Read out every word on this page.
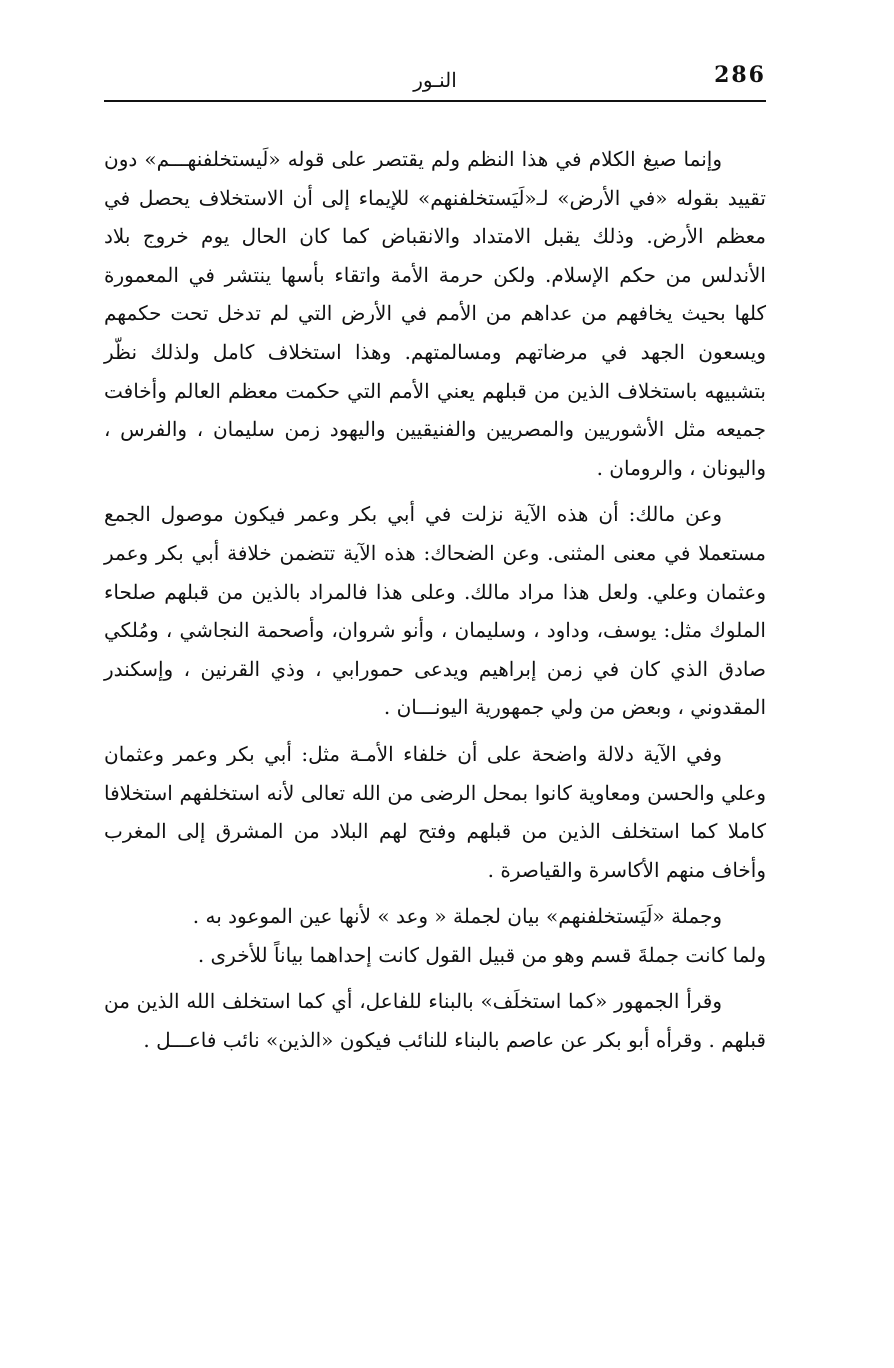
286
النـور

وإنما صيغ الكلام في هذا النظم ولم يقتصر على قوله «لَيستخلفنهـــم» دون تقييد بقوله «في الأرض» لـ«لَيَستخلفنهم» للإيماء إلى أن الاستخلاف يحصل في معظم الأرض. وذلك يقبل الامتداد والانقباض كما كان الحال يوم خروج بلاد الأندلس من حكم الإسلام. ولكن حرمة الأمة واتقاء بأسها ينتشر في المعمورة كلها بحيث يخافهم من عداهم من الأمم في الأرض التي لم تدخل تحت حكمهم ويسعون الجهد في مرضاتهم ومسالمتهم. وهذا استخلاف كامل ولذلك نظّر بتشبيهه باستخلاف الذين من قبلهم يعني الأمم التي حكمت معظم العالم وأخافت جميعه مثل الأشوريين والمصريين والفنيقيين واليهود زمن سليمان ، والفرس ، واليونان ، والرومان .

وعن مالك: أن هذه الآية نزلت في أبي بكر وعمر فيكون موصول الجمع مستعملا في معنى المثنى. وعن الضحاك: هذه الآية تتضمن خلافة أبي بكر وعمر وعثمان وعلي. ولعل هذا مراد مالك. وعلى هذا فالمراد بالذين من قبلهم صلحاء الملوك مثل: يوسف، وداود ، وسليمان ، وأنو شروان، وأصحمة النجاشي ، ومُلكي صادق الذي كان في زمن إبراهيم ويدعى حمورابي ، وذي القرنين ، وإسكندر المقدوني ، وبعض من ولي جمهورية اليونـــان .

وفي الآية دلالة واضحة على أن خلفاء الأمـة مثل: أبي بكر وعمر وعثمان وعلي والحسن ومعاوية كانوا بمحل الرضى من الله تعالى لأنه استخلفهم استخلافا كاملا كما استخلف الذين من قبلهم وفتح لهم البلاد من المشرق إلى المغرب وأخاف منهم الأكاسرة والقياصرة .

وجملة «لَيَستخلفنهم» بيان لجملة « وعد » لأنها عين الموعود به .

ولما كانت جملةَ قسم وهو من قبيل القول كانت إحداهما بياناً للأخرى .

وقرأ الجمهور «كما استخلَف» بالبناء للفاعل، أي كما استخلف الله الذين من قبلهم . وقرأه أبو بكر عن عاصم بالبناء للنائب فيكون «الذين» نائب فاعـــل .
